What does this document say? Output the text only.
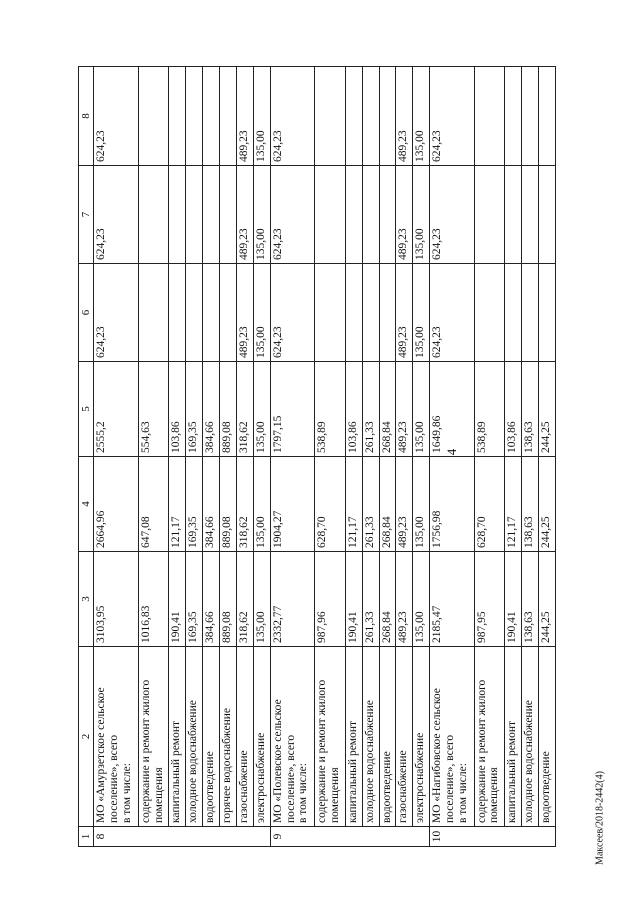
4
Максеев/2018-2442(4)
1	2	3	4	5	6	7	8
8	МО «Амурзетское сельское поселение», всего в том числе:	3103,95	2664,96	2555,2	624,23	624,23	624,23
	содержание и ремонт жилого помещения	1016,83	647,08	554,63			
	капитальный ремонт	190,41	121,17	103,86			
	холодное водоснабжение	169,35	169,35	169,35			
	водоотведение	384,66	384,66	384,66			
	горячее водоснабжение	889,08	889,08	889,08			
	газоснабжение	318,62	318,62	318,62	489,23	489,23	489,23
	электроснабжение	135,00	135,00	135,00	135,00	135,00	135,00
9	МО «Полевское сельское поселение», всего в том числе:	2332,77	1904,27	1797,15	624,23	624,23	624,23
	содержание и ремонт жилого помещения	987,96	628,70	538,89			
	капитальный ремонт	190,41	121,17	103,86			
	холодное водоснабжение	261,33	261,33	261,33			
	водоотведение	268,84	268,84	268,84			
	газоснабжение	489,23	489,23	489,23	489,23	489,23	489,23
	электроснабжение	135,00	135,00	135,00	135,00	135,00	135,00
10	МО «Нагибовское сельское поселение», всего в том числе:	2185,47	1756,98	1649,86	624,23	624,23	624,23
	содержание и ремонт жилого помещения	987,95	628,70	538,89			
	капитальный ремонт	190,41	121,17	103,86			
	холодное водоснабжение	138,63	138,63	138,63			
	водоотведение	244,25	244,25	244,25			
